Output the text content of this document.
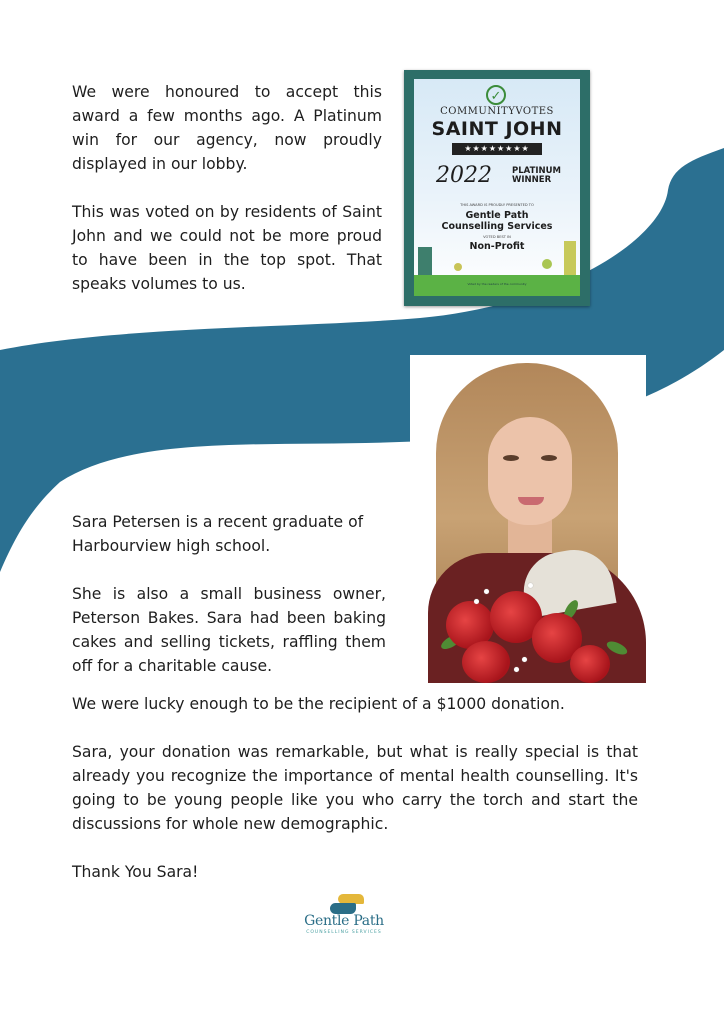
We were honoured to accept this award a few months ago. A Platinum win for our agency, now proudly displayed in our lobby.

This was voted on by residents of Saint John and we could not be more proud to have been in the top spot. That speaks volumes to us.

✓
COMMUNITYVOTES
SAINT JOHN
★★★★★★★★
2022 PLATINUM
WINNER
THIS AWARD IS PROUDLY PRESENTED TO
Gentle Path
Counselling Services
VOTED BEST IN
Non-Profit
Voted by the readers of the community

Sara Petersen is a recent graduate of Harbourview high school.

She is also a small business owner, Peterson Bakes. Sara had been baking cakes and selling tickets, raffling them off for a charitable cause.

We were lucky enough to be the recipient of a $1000 donation.

Sara, your donation was remarkable, but what is really special is that already you recognize the importance of mental health counselling. It's going to be young people like you who carry the torch and start the discussions for whole new demographic.

Thank You Sara!

Gentle Path
COUNSELLING SERVICES
